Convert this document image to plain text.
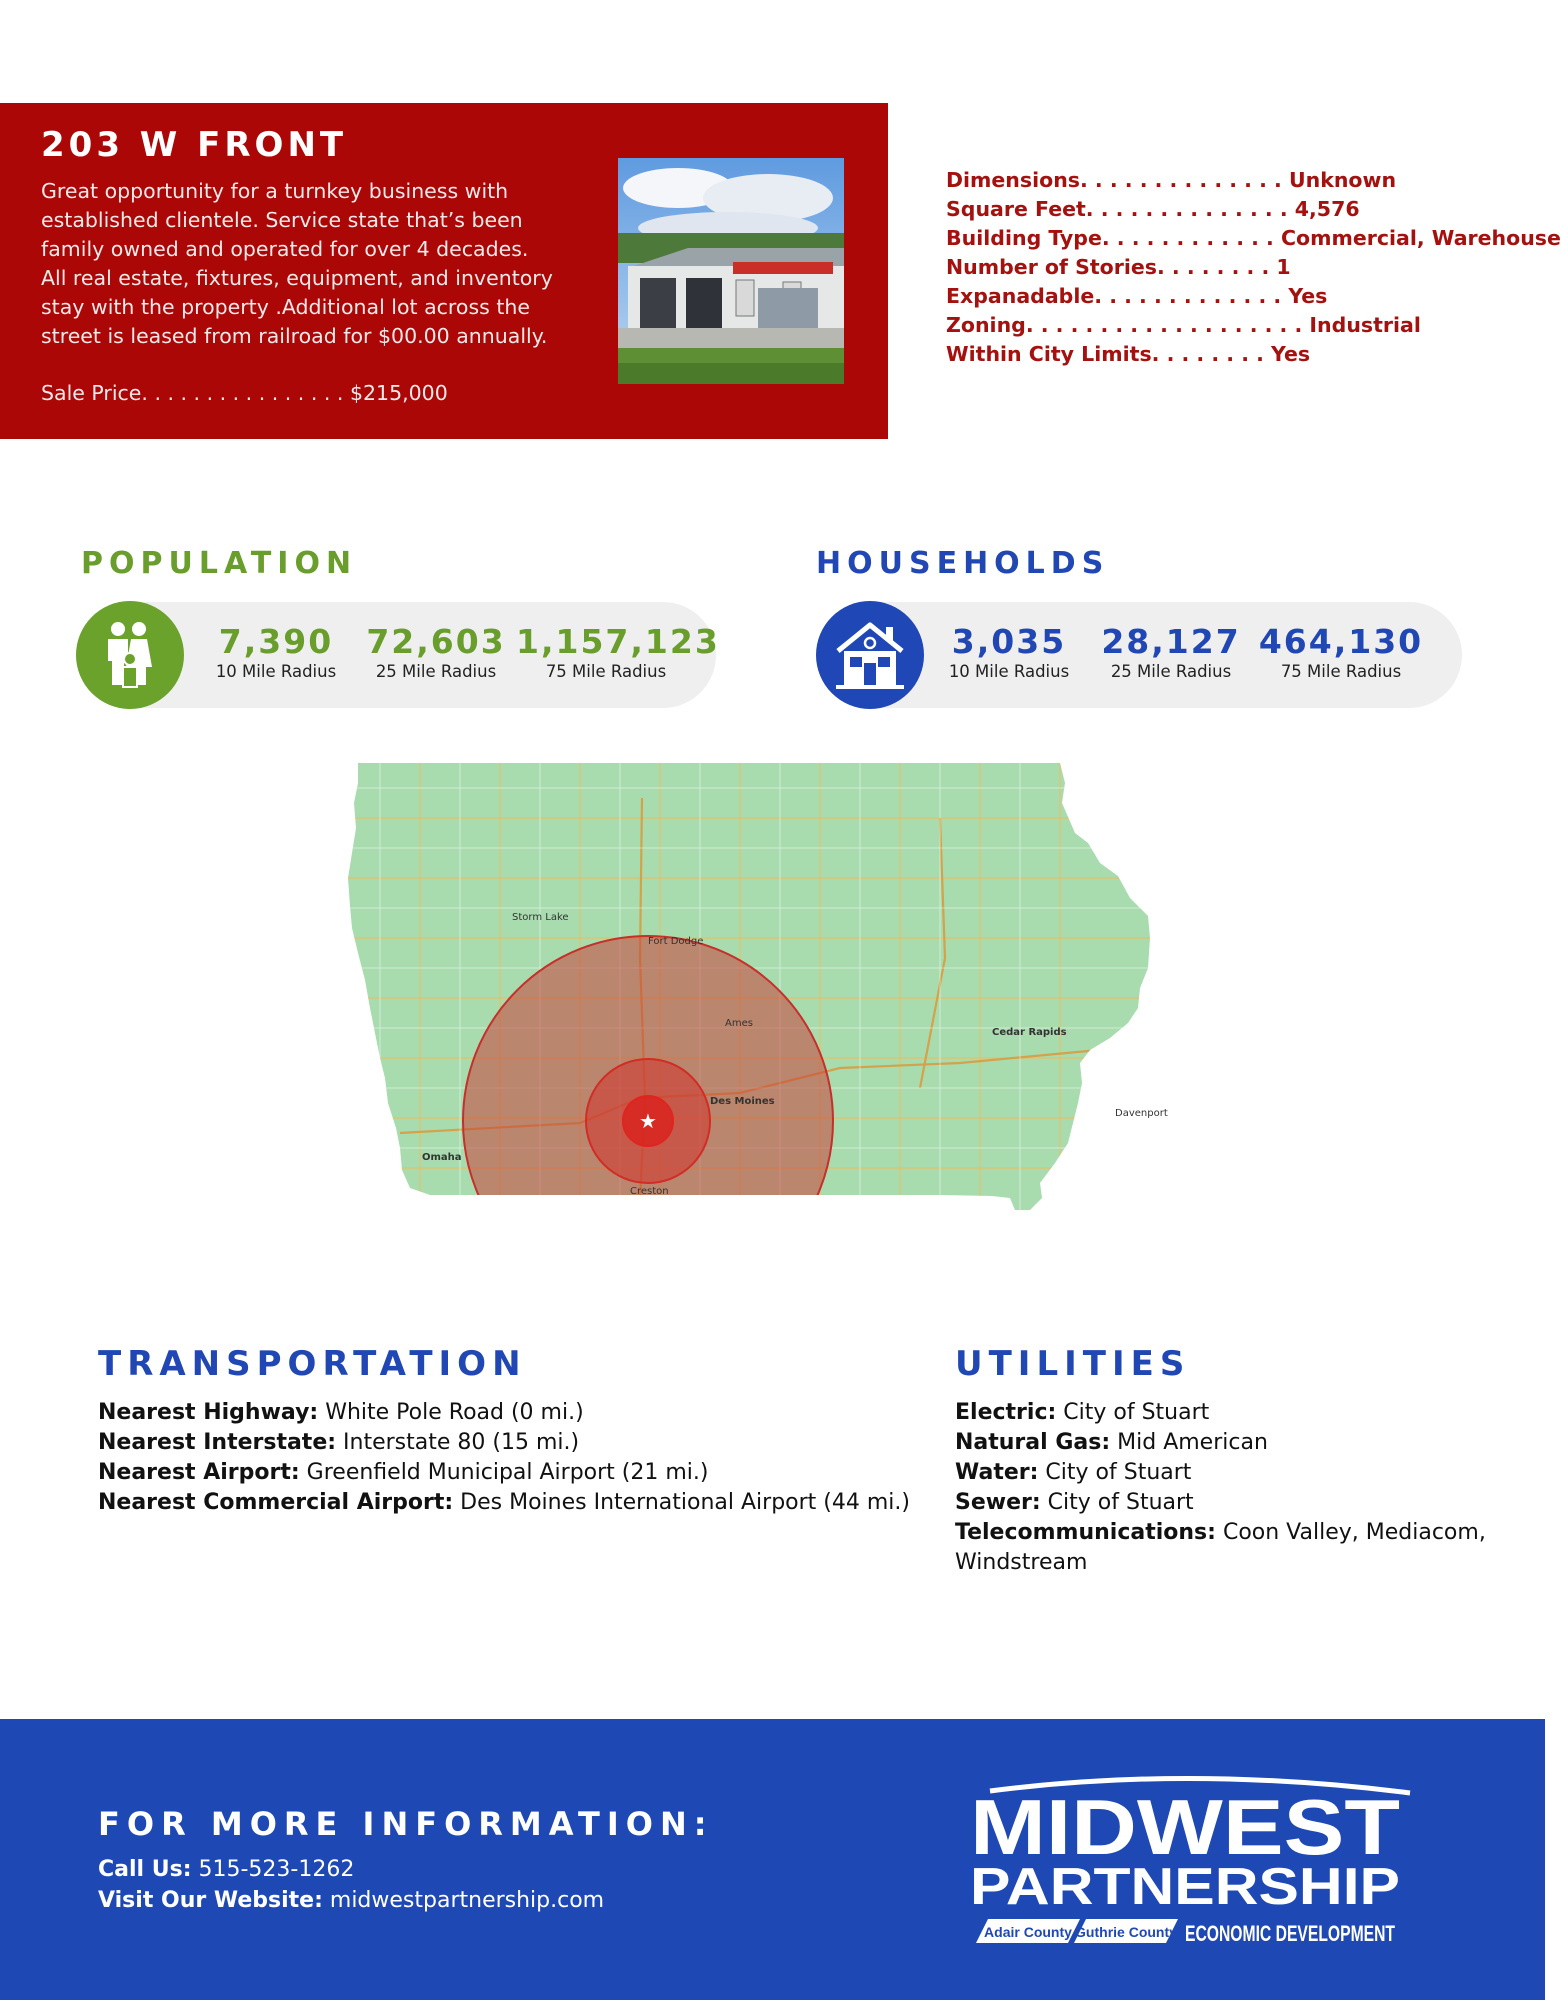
203 W FRONT

Great opportunity for a turnkey business with

established clientele. Service state that’s been

family owned and operated for over 4 decades.

All real estate, fixtures, equipment, and inventory

stay with the property .Additional lot across the

street is leased from railroad for $00.00 annually.

Sale Price. . . . . . . . . . . . . . . . $215,000
Dimensions. . . . . . . . . . . . . . Unknown
Square Feet. . . . . . . . . . . . . . 4,576
Building Type. . . . . . . . . . . . Commercial, Warehouse
Number of Stories. . . . . . . . 1
Expanadable. . . . . . . . . . . . . Yes
Zoning. . . . . . . . . . . . . . . . . . . Industrial
Within City Limits. . . . . . . . Yes
POPULATION
7,390
10 Mile Radius
72,603
25 Mile Radius
1,157,123
75 Mile Radius
HOUSEHOLDS
3,035
10 Mile Radius
28,127
25 Mile Radius
464,130
75 Mile Radius
★
Des Moines
Cedar Rapids
Omaha
Fort Dodge
Storm Lake
Ames
Creston
Davenport
TRANSPORTATION
Nearest Highway: White Pole Road (0 mi.)
Nearest Interstate: Interstate 80 (15 mi.)
Nearest Airport: Greenfield Municipal Airport (21 mi.)
Nearest Commercial Airport: Des Moines International Airport (44 mi.)
UTILITIES
Electric: City of Stuart
Natural Gas: Mid American
Water: City of Stuart
Sewer: City of Stuart
Telecommunications: Coon Valley, Mediacom, Windstream
FOR MORE INFORMATION:
Call Us: 515-523-1262
Visit Our Website: midwestpartnership.com
MIDWEST
PARTNERSHIP
Adair County Guthrie County ECONOMIC DEVELOPMENT
